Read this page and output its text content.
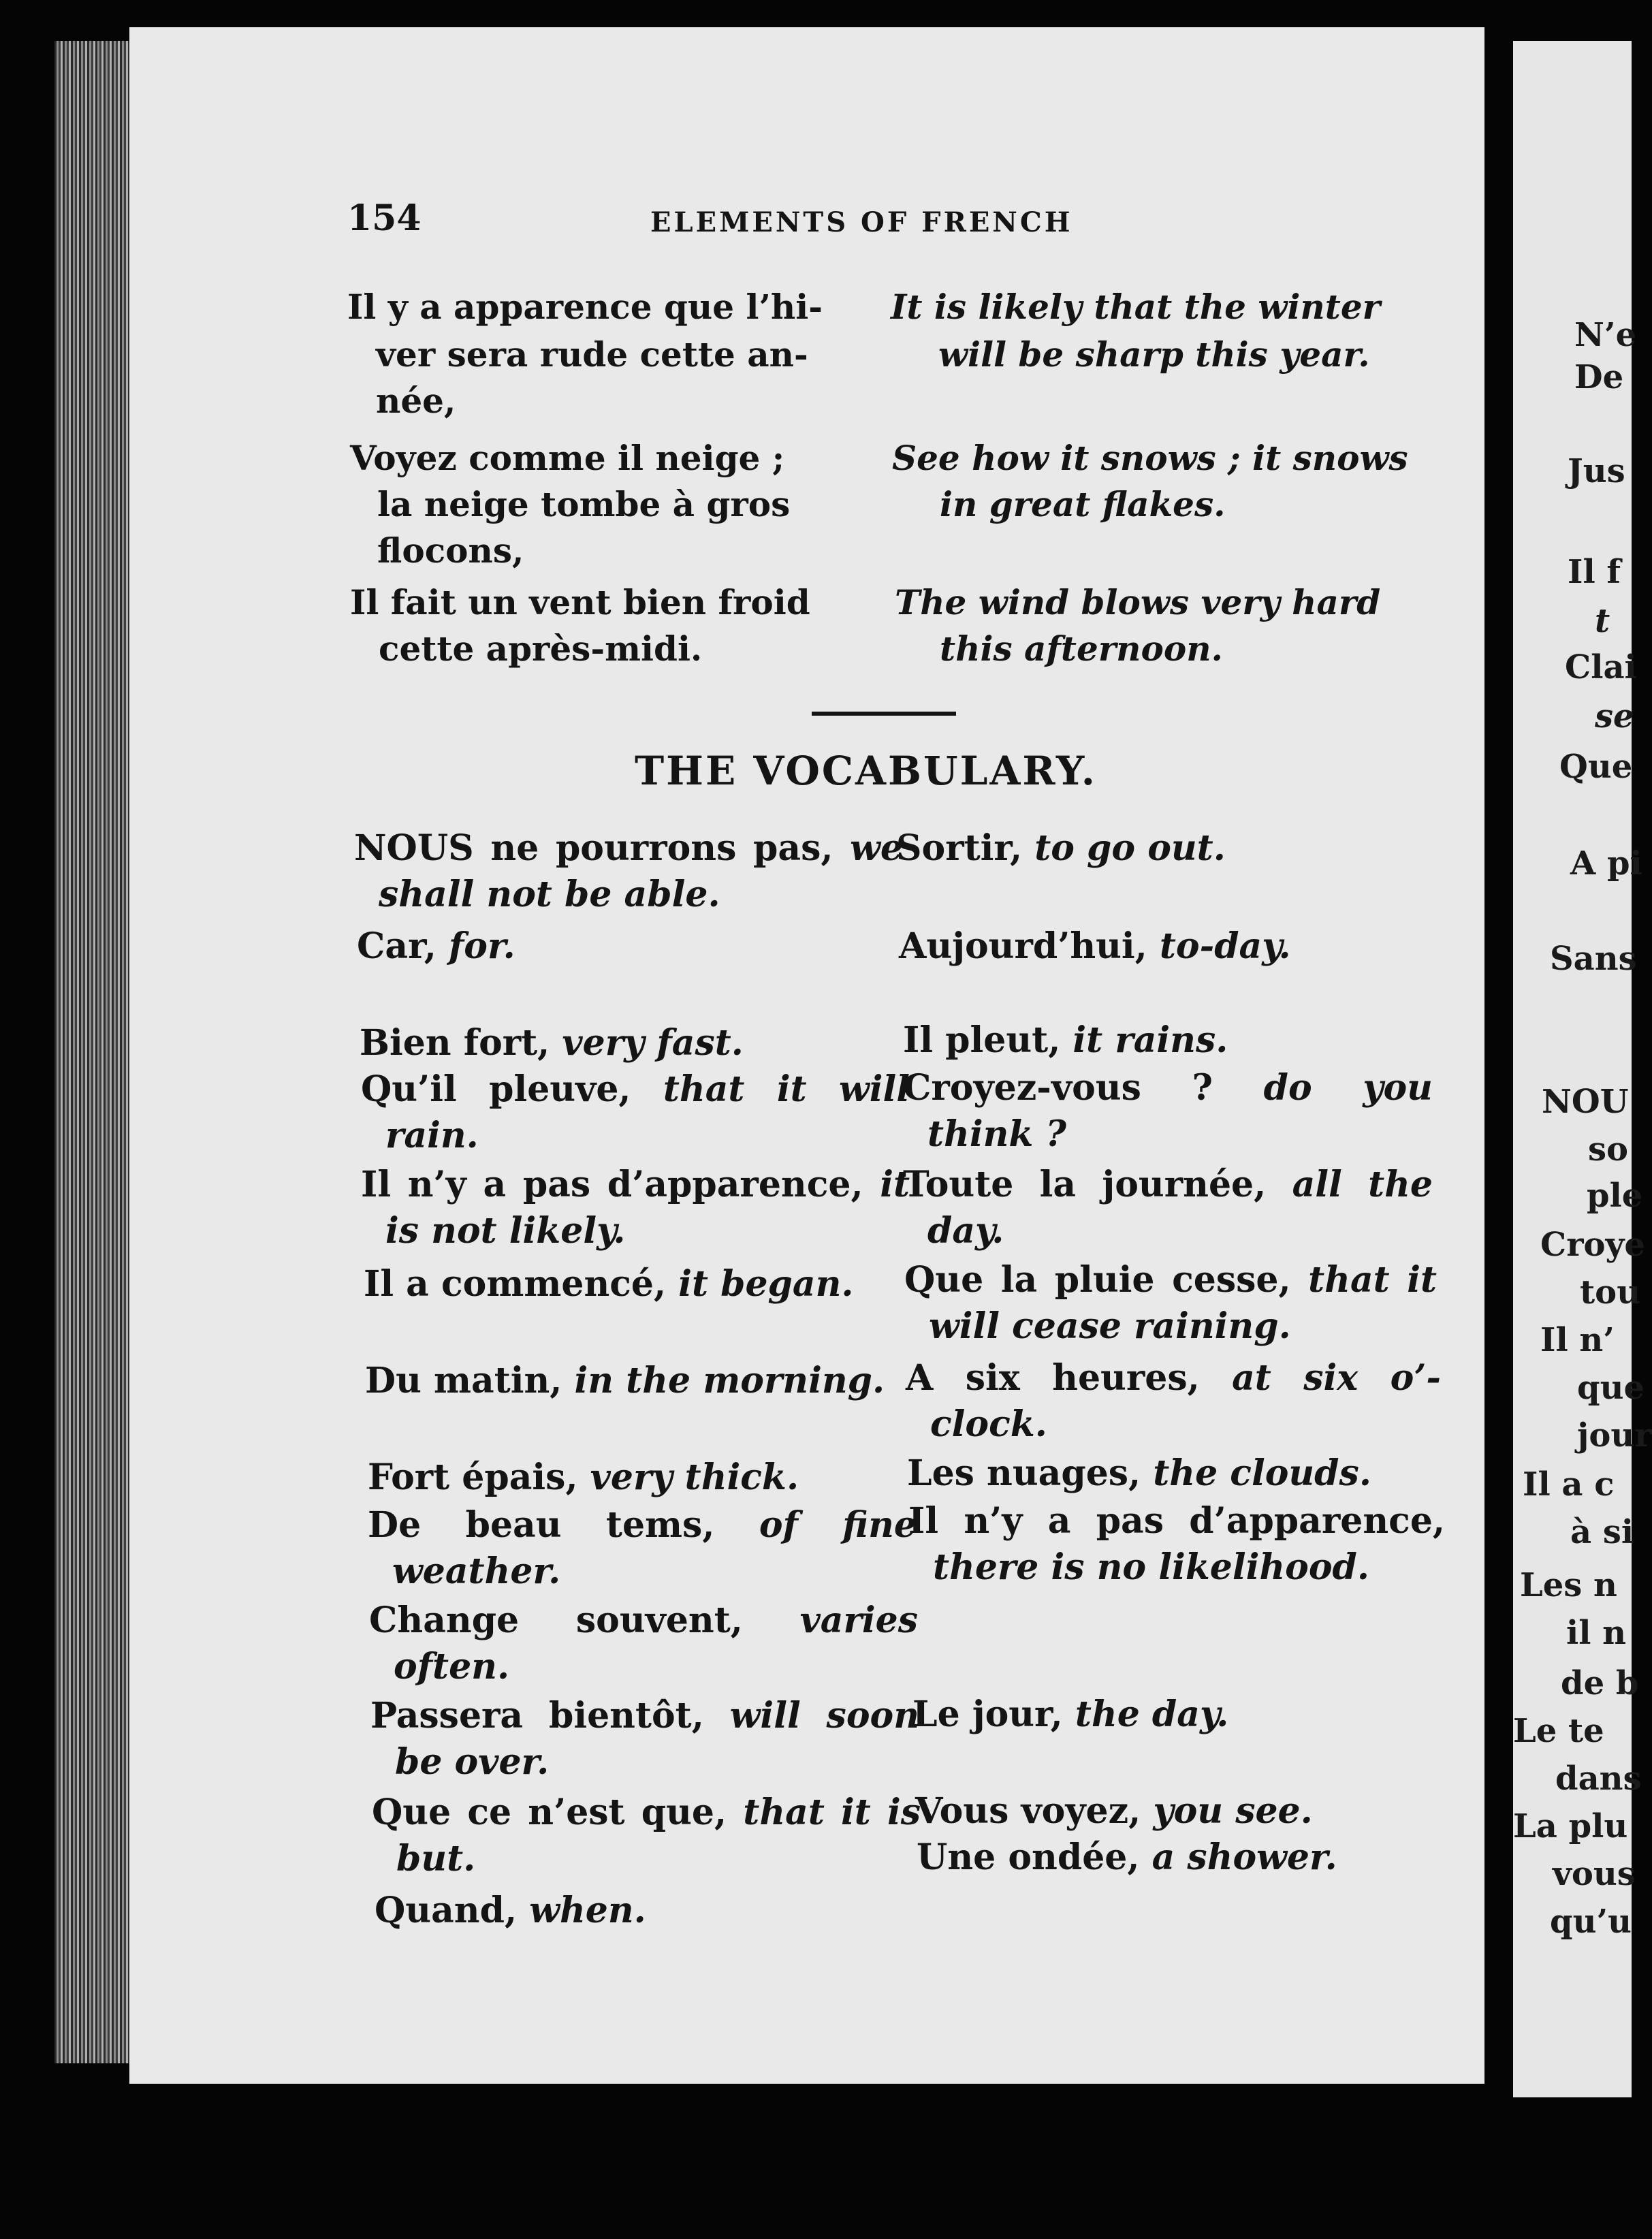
N’e
De
Jus
Il f
t
Clai
se
Que
A pi
Sans
NOU
so
ple
Croye
tou
Il n’
que
jour
Il a c
à si
Les n
il n
de b
Le te
dans
La plu
vous
qu’u
154	ELEMENTS OF FRENCH
Il y a apparence que l’hi-
ver sera rude cette an-
née,
Voyez comme il neige ;
la neige tombe à gros
flocons,
Il fait un vent bien froid
cette après-midi.
It is likely that the winter
will be sharp this year.
See how it snows ; it snows
in great flakes.
The wind blows very hard
this afternoon.
THE VOCABULARY.
NOUS ne pourrons pas, we shall not be able.
Car, for.
Bien fort, very fast.
Qu’il pleuve, that it will rain.
Il n’y a pas d’apparence, it is not likely.
Il a commencé, it began.
Du matin, in the morning.
Fort épais, very thick.
De beau tems, of fine weather.
Change souvent, varies often.
Passera bientôt, will soon be over.
Que ce n’est que, that it is but.
Quand, when.
Sortir, to go out.
Aujourd’hui, to-day.
Il pleut, it rains.
Croyez-vous ? do you think ?
Toute la journée, all the day.
Que la pluie cesse, that it will cease raining.
A six heures, at six o’-clock.
Les nuages, the clouds.
Il n’y a pas d’apparence, there is no likelihood.
Le jour, the day.
Vous voyez, you see.
Une ondée, a shower.
